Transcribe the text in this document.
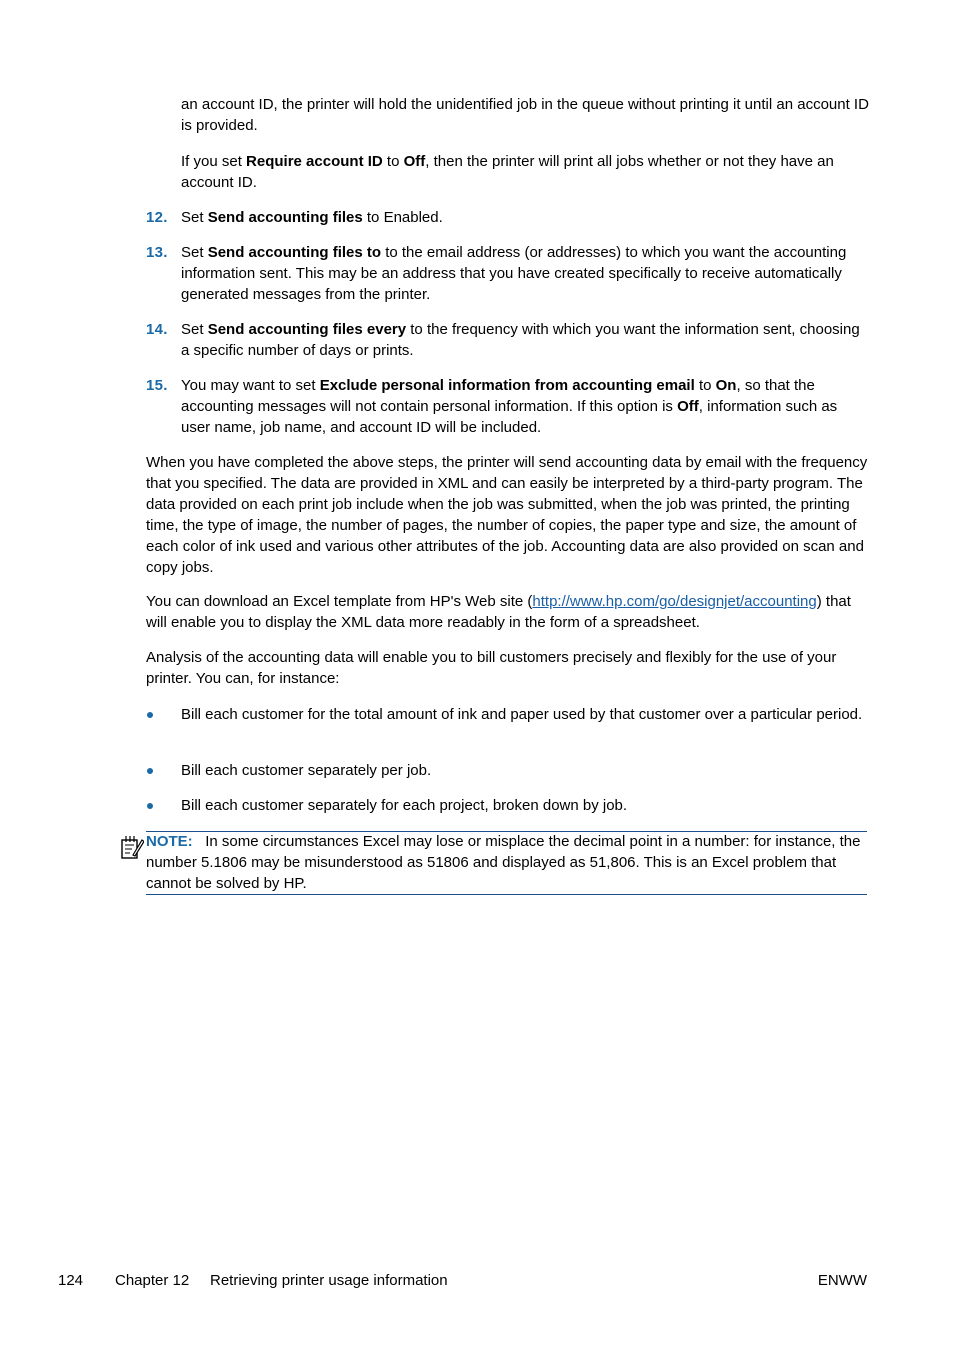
an account ID, the printer will hold the unidentified job in the queue without printing it until an account ID is provided.

If you set Require account ID to Off, then the printer will print all jobs whether or not they have an account ID.

12. Set Send accounting files to Enabled.

13. Set Send accounting files to to the email address (or addresses) to which you want the accounting information sent. This may be an address that you have created specifically to receive automatically generated messages from the printer.

14. Set Send accounting files every to the frequency with which you want the information sent, choosing a specific number of days or prints.

15. You may want to set Exclude personal information from accounting email to On, so that the accounting messages will not contain personal information. If this option is Off, information such as user name, job name, and account ID will be included.

When you have completed the above steps, the printer will send accounting data by email with the frequency that you specified. The data are provided in XML and can easily be interpreted by a third-party program. The data provided on each print job include when the job was submitted, when the job was printed, the printing time, the type of image, the number of pages, the number of copies, the paper type and size, the amount of each color of ink used and various other attributes of the job. Accounting data are also provided on scan and copy jobs.

You can download an Excel template from HP's Web site (http://www.hp.com/go/designjet/accounting) that will enable you to display the XML data more readably in the form of a spreadsheet.

Analysis of the accounting data will enable you to bill customers precisely and flexibly for the use of your printer. You can, for instance:

Bill each customer for the total amount of ink and paper used by that customer over a particular period.

Bill each customer separately per job.

Bill each customer separately for each project, broken down by job.

NOTE: In some circumstances Excel may lose or misplace the decimal point in a number: for instance, the number 5.1806 may be misunderstood as 51806 and displayed as 51,806. This is an Excel problem that cannot be solved by HP.

124 Chapter 12 Retrieving printer usage information	ENWW
